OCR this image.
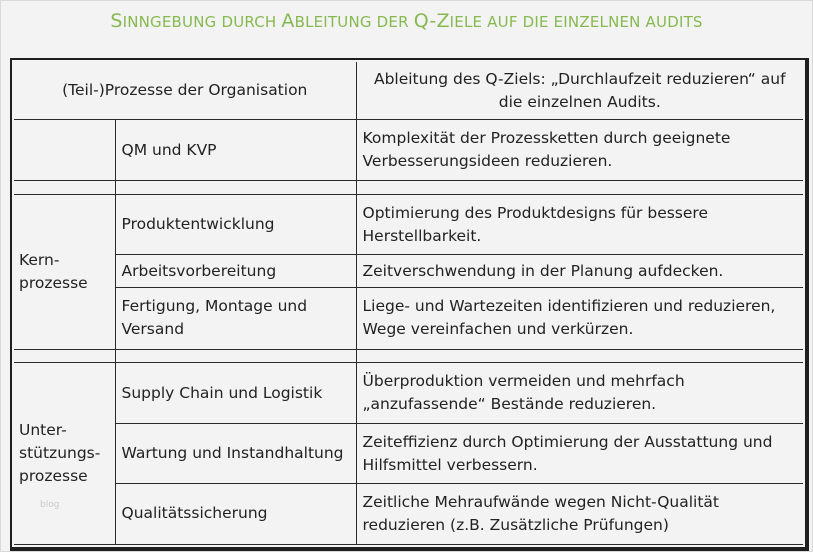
SINNGEBUNG DURCH ABLEITUNG DER Q-ZIELE AUF DIE EINZELNEN AUDITS
(Teil-)Prozesse der Organisation		Ableitung des Q-Ziels: „Durchlaufzeit reduzieren“ auf die einzelnen Audits.
	QM und KVP	Komplexität der Prozessketten durch geeignete Verbesserungsideen reduzieren.

Kern-
prozesse	Produktentwicklung	Optimierung des Produktdesigns für bessere Herstellbarkeit.
	Arbeitsvorbereitung	Zeitverschwendung in der Planung aufdecken.
	Fertigung, Montage und Versand	Liege- und Wartezeiten identifizieren und reduzieren, Wege vereinfachen und verkürzen.

Unter-
stützungs-
prozesse	Supply Chain und Logistik	Überproduktion vermeiden und mehrfach „anzufassende“ Bestände reduzieren.
	Wartung und Instandhaltung	Zeiteffizienz durch Optimierung der Ausstattung und Hilfsmittel verbessern.
	Qualitätssicherung	Zeitliche Mehraufwände wegen Nicht-Qualität reduzieren (z.B. Zusätzliche Prüfungen)
blog
